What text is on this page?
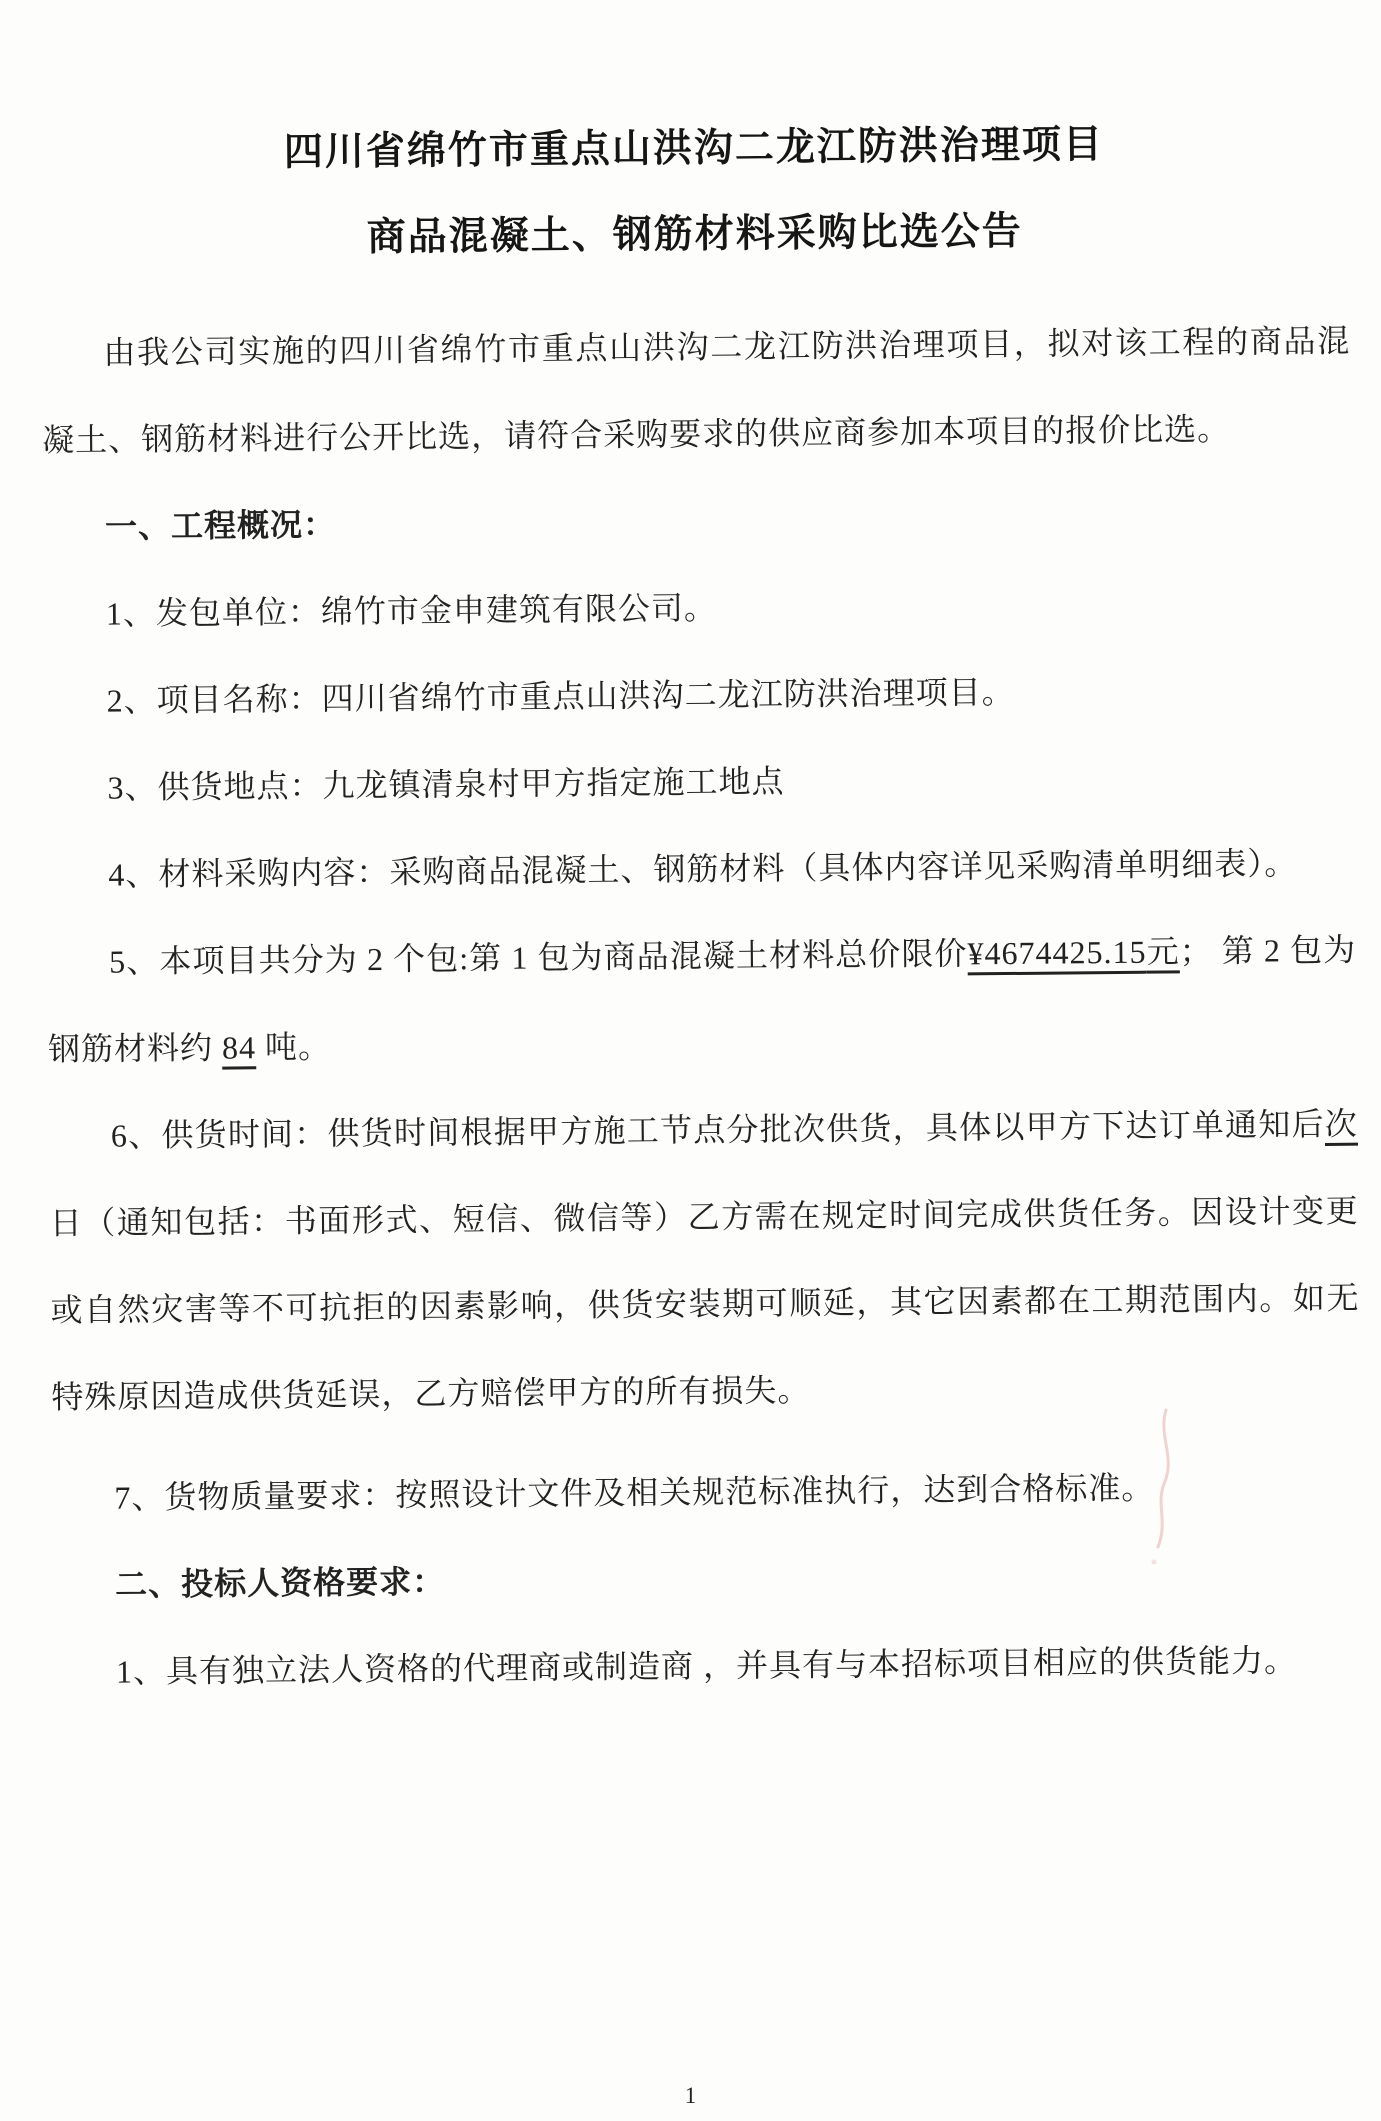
四川省绵竹市重点山洪沟二龙江防洪治理项目
商品混凝土、钢筋材料采购比选公告

由我公司实施的四川省绵竹市重点山洪沟二龙江防洪治理项目，拟对该工程的商品混凝土、钢筋材料进行公开比选，请符合采购要求的供应商参加本项目的报价比选。

一、工程概况：

1、发包单位：绵竹市金申建筑有限公司。

2、项目名称：四川省绵竹市重点山洪沟二龙江防洪治理项目。

3、供货地点：九龙镇清泉村甲方指定施工地点

4、材料采购内容：采购商品混凝土、钢筋材料（具体内容详见采购清单明细表）。

5、本项目共分为 2 个包:第 1 包为商品混凝土材料总价限价¥4674425.15元； 第 2 包为钢筋材料约 84 吨。

6、供货时间：供货时间根据甲方施工节点分批次供货，具体以甲方下达订单通知后次日（通知包括：书面形式、短信、微信等）乙方需在规定时间完成供货任务。因设计变更或自然灾害等不可抗拒的因素影响，供货安装期可顺延，其它因素都在工期范围内。如无特殊原因造成供货延误，乙方赔偿甲方的所有损失。

7、货物质量要求：按照设计文件及相关规范标准执行，达到合格标准。

二、投标人资格要求：

1、具有独立法人资格的代理商或制造商 ，并具有与本招标项目相应的供货能力。

1
